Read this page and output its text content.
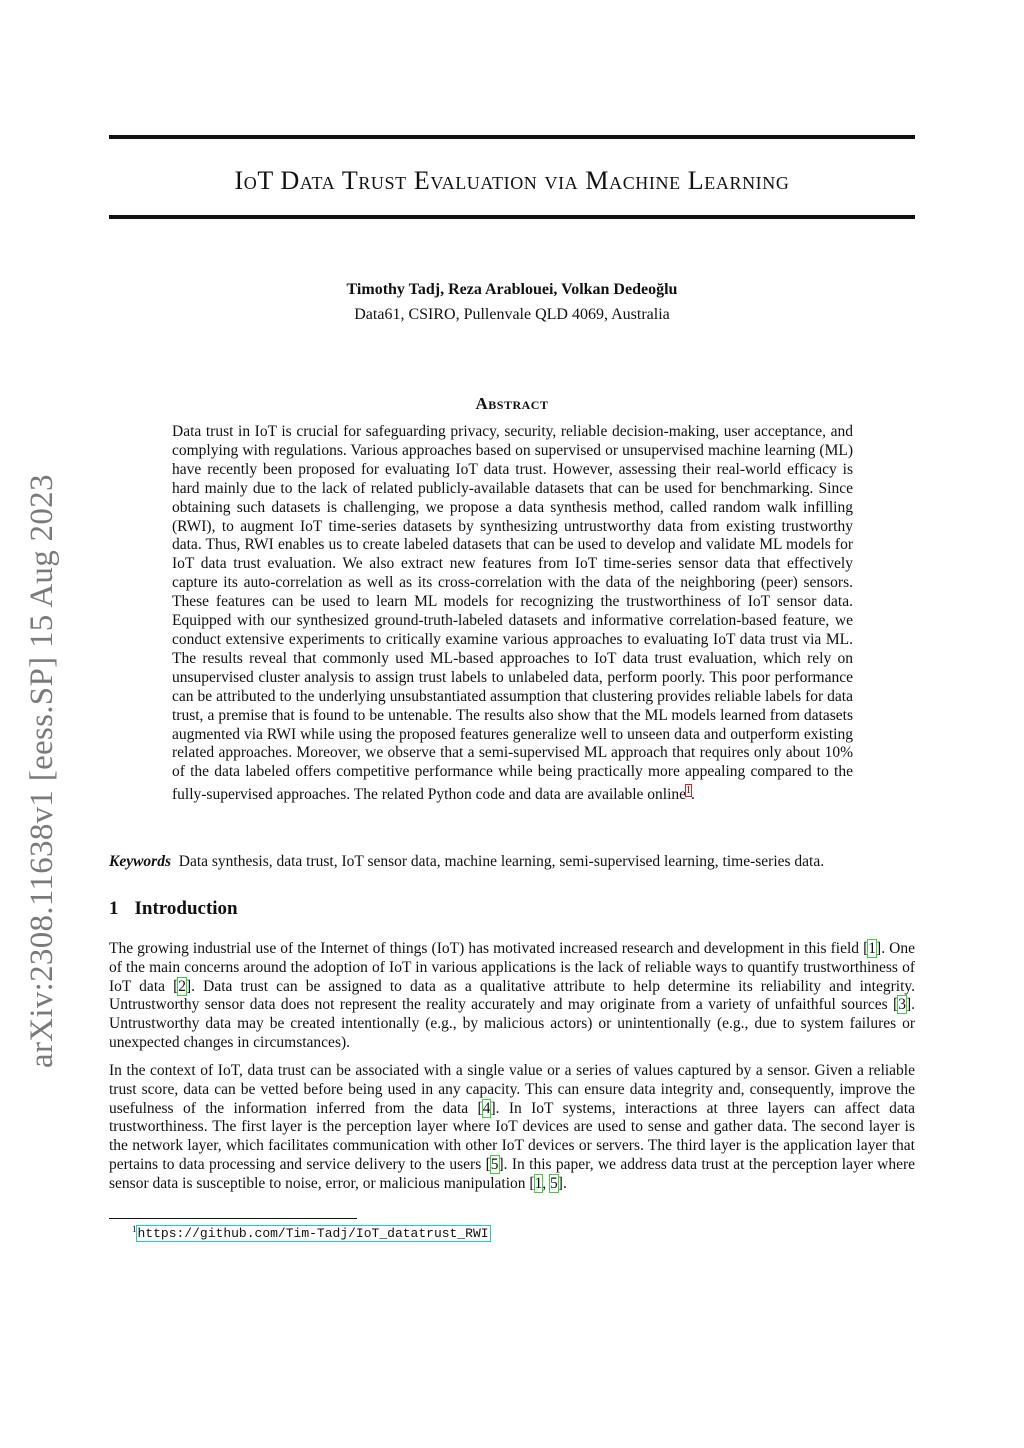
arXiv:2308.11638v1 [eess.SP] 15 Aug 2023
IoT Data Trust Evaluation via Machine Learning
Timothy Tadj, Reza Arablouei, Volkan Dedeoğlu
Data61, CSIRO, Pullenvale QLD 4069, Australia
Abstract
Data trust in IoT is crucial for safeguarding privacy, security, reliable decision-making, user acceptance, and complying with regulations. Various approaches based on supervised or unsupervised machine learning (ML) have recently been proposed for evaluating IoT data trust. However, assessing their real-world efficacy is hard mainly due to the lack of related publicly-available datasets that can be used for benchmarking. Since obtaining such datasets is challenging, we propose a data synthesis method, called random walk infilling (RWI), to augment IoT time-series datasets by synthesizing untrustworthy data from existing trustworthy data. Thus, RWI enables us to create labeled datasets that can be used to develop and validate ML models for IoT data trust evaluation. We also extract new features from IoT time-series sensor data that effectively capture its auto-correlation as well as its cross-correlation with the data of the neighboring (peer) sensors. These features can be used to learn ML models for recognizing the trustworthiness of IoT sensor data. Equipped with our synthesized ground-truth-labeled datasets and informative correlation-based feature, we conduct extensive experiments to critically examine various approaches to evaluating IoT data trust via ML. The results reveal that commonly used ML-based approaches to IoT data trust evaluation, which rely on unsupervised cluster analysis to assign trust labels to unlabeled data, perform poorly. This poor performance can be attributed to the underlying unsubstantiated assumption that clustering provides reliable labels for data trust, a premise that is found to be untenable. The results also show that the ML models learned from datasets augmented via RWI while using the proposed features generalize well to unseen data and outperform existing related approaches. Moreover, we observe that a semi-supervised ML approach that requires only about 10% of the data labeled offers competitive performance while being practically more appealing compared to the fully-supervised approaches. The related Python code and data are available online$^1$.
Keywords Data synthesis, data trust, IoT sensor data, machine learning, semi-supervised learning, time-series data.
1 Introduction

The growing industrial use of the Internet of things (IoT) has motivated increased research and development in this field [1]. One of the main concerns around the adoption of IoT in various applications is the lack of reliable ways to quantify trustworthiness of IoT data [2]. Data trust can be assigned to data as a qualitative attribute to help determine its reliability and integrity. Untrustworthy sensor data does not represent the reality accurately and may originate from a variety of unfaithful sources [3]. Untrustworthy data may be created intentionally (e.g., by malicious actors) or unintentionally (e.g., due to system failures or unexpected changes in circumstances).

In the context of IoT, data trust can be associated with a single value or a series of values captured by a sensor. Given a reliable trust score, data can be vetted before being used in any capacity. This can ensure data integrity and, consequently, improve the usefulness of the information inferred from the data [4]. In IoT systems, interactions at three layers can affect data trustworthiness. The first layer is the perception layer where IoT devices are used to sense and gather data. The second layer is the network layer, which facilitates communication with other IoT devices or servers. The third layer is the application layer that pertains to data processing and service delivery to the users [5]. In this paper, we address data trust at the perception layer where sensor data is susceptible to noise, error, or malicious manipulation [1, 5].

$^1$https://github.com/Tim-Tadj/IoT_datatrust_RWI
